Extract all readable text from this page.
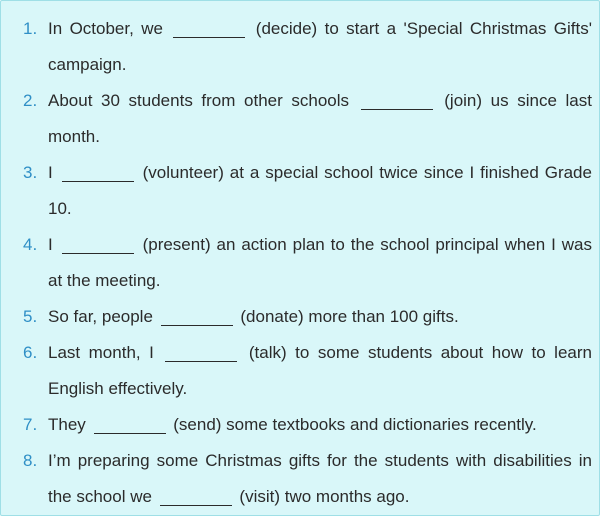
1. In October, we	(decide) to start a 'Special Christmas Gifts' campaign.
2. About 30 students from other schools	(join) us since last month.
3. I	(volunteer) at a special school twice since I finished Grade 10.
4. I	(present) an action plan to the school principal when I was at the meeting.
5. So far, people	(donate) more than 100 gifts.
6. Last month, I	(talk) to some students about how to learn English effectively.
7. They	(send) some textbooks and dictionaries recently.
8. I’m preparing some Christmas gifts for the students with disabilities in the school we	(visit) two months ago.
